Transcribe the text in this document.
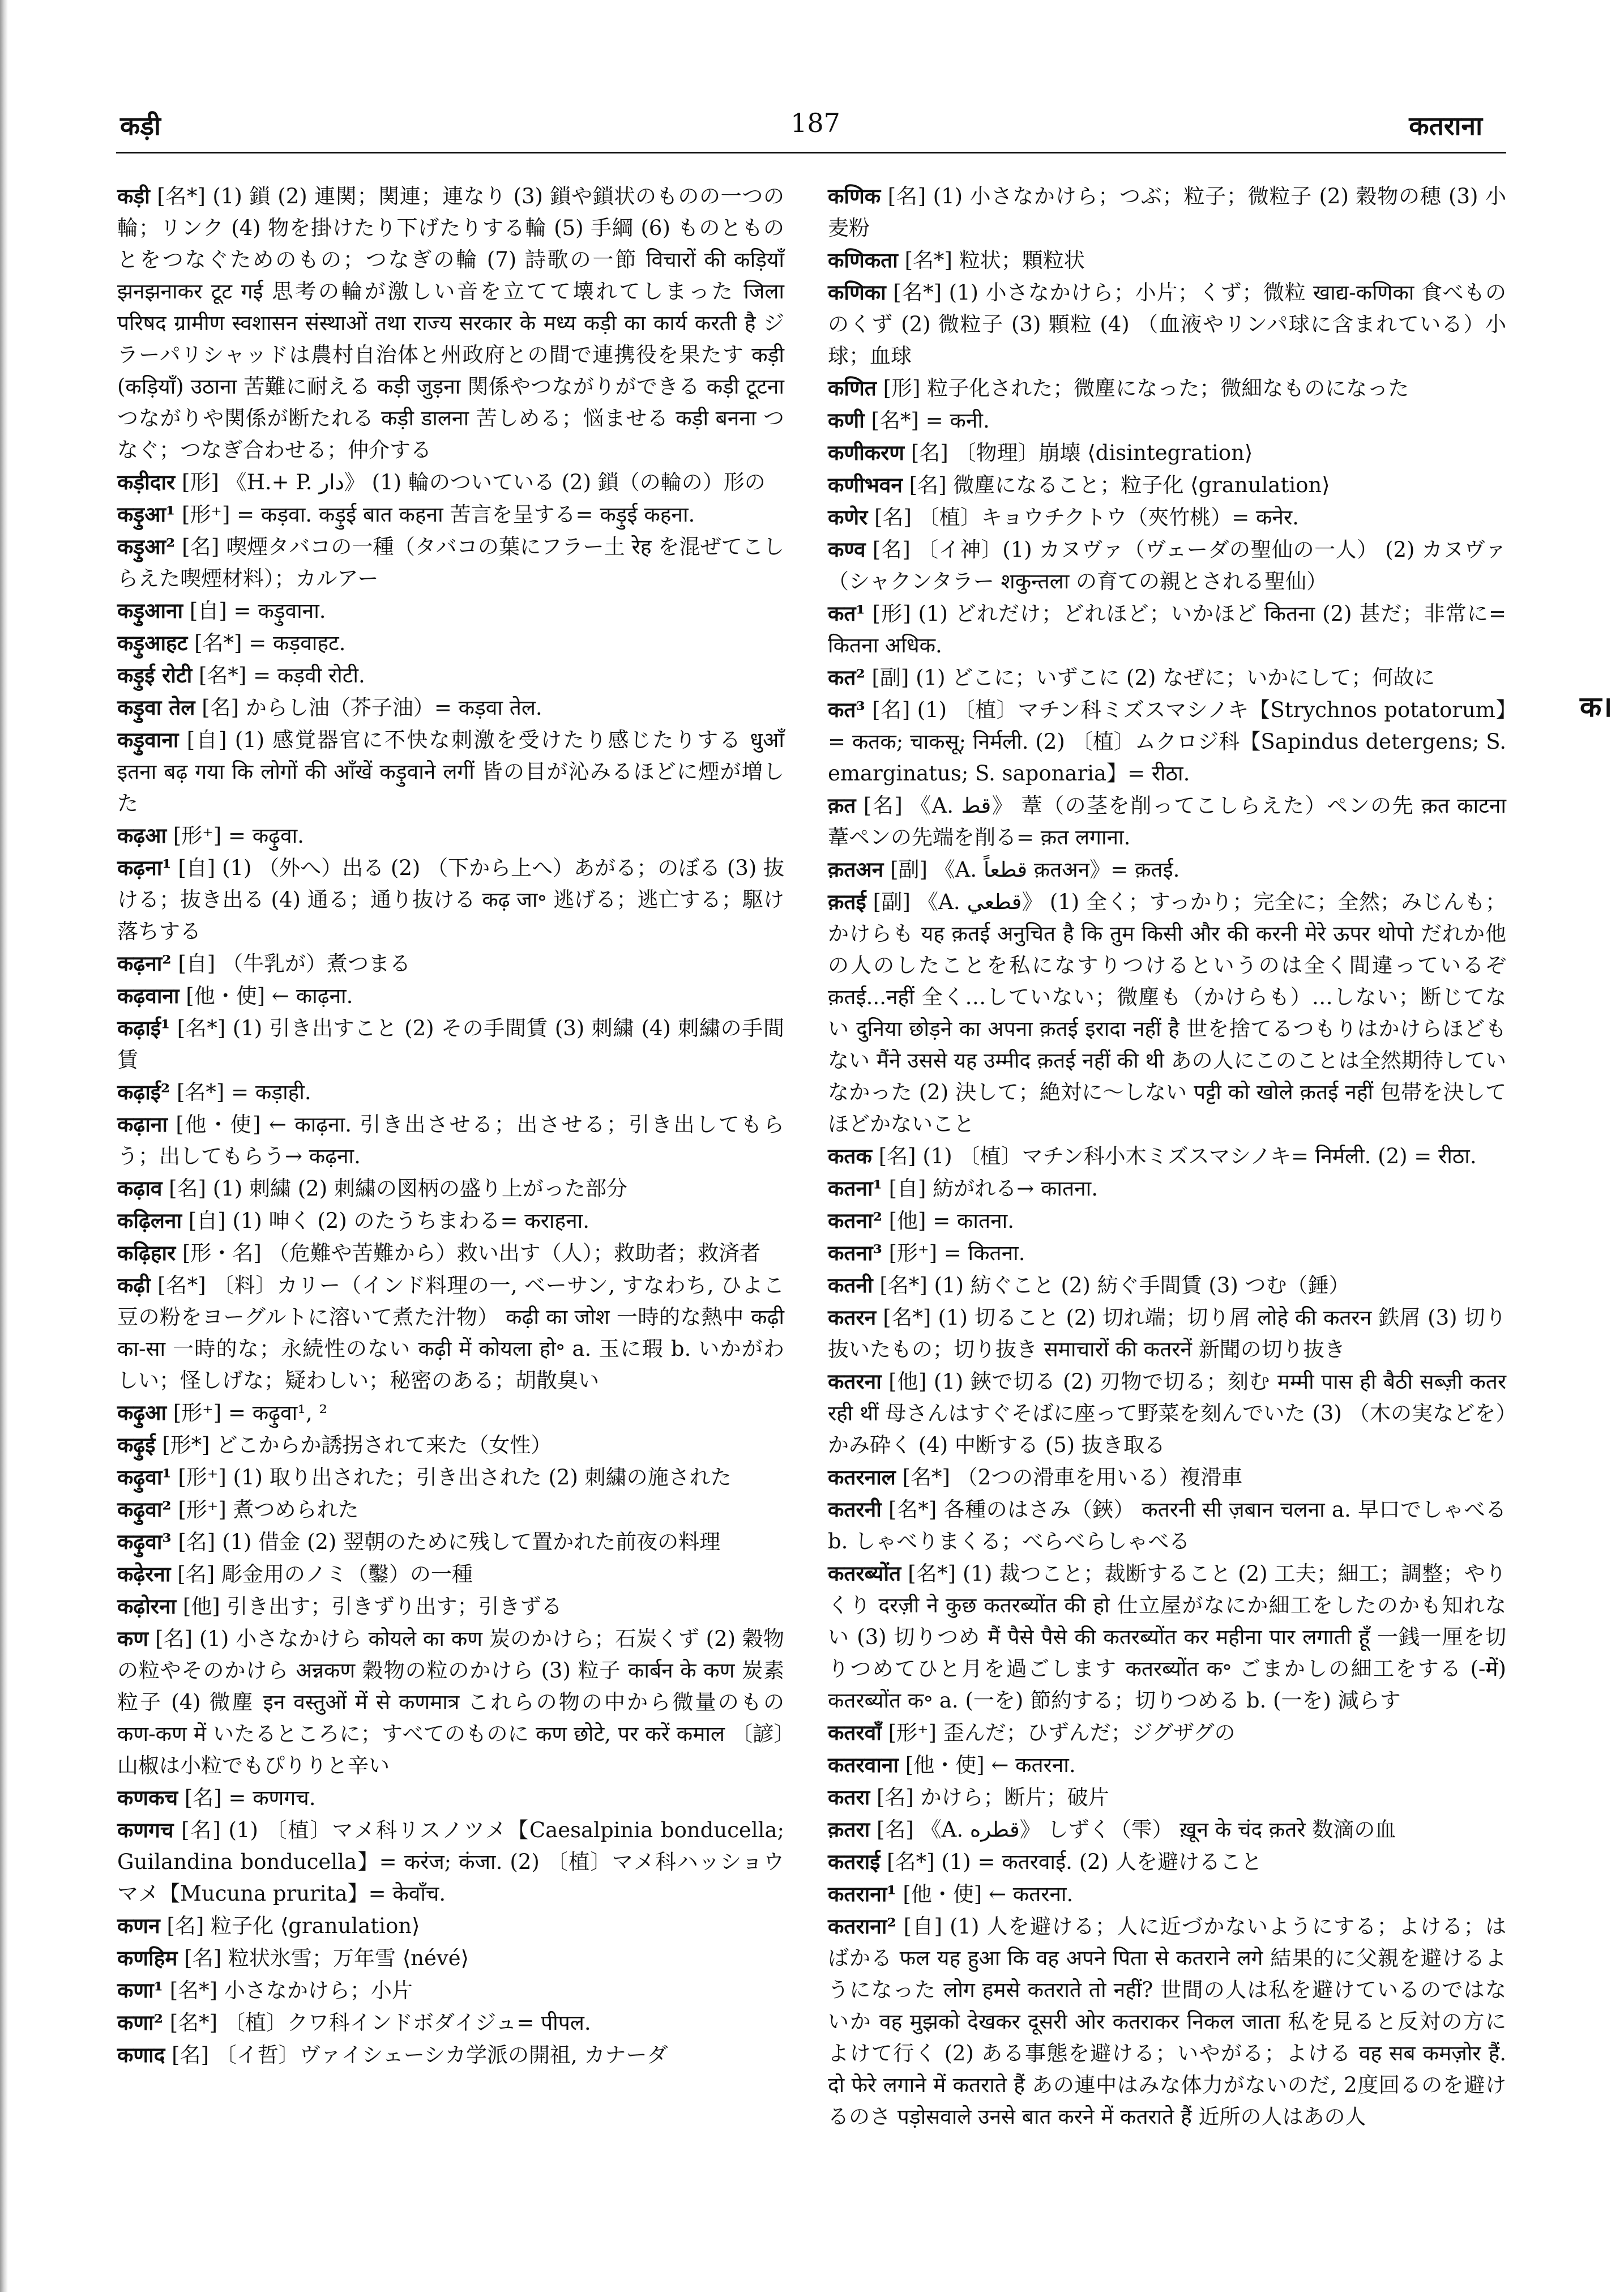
कड़ी	187	कतराना
कड़ी [名*] (1) 鎖 (2) 連関；関連；連なり (3) 鎖や鎖状のものの一つの輪；リンク (4) 物を掛けたり下げたりする輪 (5) 手綱 (6) ものとものとをつなぐためのもの；つなぎの輪 (7) 詩歌の一節 विचारों की कड़ियाँ झनझनाकर टूट गई 思考の輪が激しい音を立てて壊れてしまった जिला परिषद ग्रामीण स्वशासन संस्थाओं तथा राज्य सरकार के मध्य कड़ी का कार्य करती है ジラーパリシャッドは農村自治体と州政府との間で連携役を果たす कड़ी (कड़ियाँ) उठाना 苦難に耐える कड़ी जुड़ना 関係やつながりができる कड़ी टूटना つながりや関係が断たれる कड़ी डालना 苦しめる；悩ませる कड़ी बनना つなぐ；つなぎ合わせる；仲介する
कड़ीदार [形] 《H.+ P. دار》 (1) 輪のついている (2) 鎖（の輪の）形の
कड़ुआ¹ [形⁺] = कड़वा. कड़ुई बात कहना 苦言を呈する= कड़ुई कहना.
कड़ुआ² [名] 喫煙タバコの一種（タバコの葉にフラー土 रेह を混ぜてこしらえた喫煙材料）；カルアー
कड़ुआना [自] = कड़ुवाना.
कड़ुआहट [名*] = कड़वाहट.
कड़ुई रोटी [名*] = कड़वी रोटी.
कड़ुवा तेल [名] からし油（芥子油）= कड़वा तेल.
कड़ुवाना [自] (1) 感覚器官に不快な刺激を受けたり感じたりする धुआँ इतना बढ़ गया कि लोगों की आँखें कड़ुवाने लगीं 皆の目が沁みるほどに煙が増した
कढ़आ [形⁺] = कढ़ुवा.
कढ़ना¹ [自] (1) （外へ）出る (2) （下から上へ）あがる；のぼる (3) 抜ける；抜き出る (4) 通る；通り抜ける कढ़ जा॰ 逃げる；逃亡する；駆け落ちする
कढ़ना² [自] （牛乳が）煮つまる
कढ़वाना [他・使] ← काढ़ना.
कढ़ाई¹ [名*] (1) 引き出すこと (2) その手間賃 (3) 刺繍 (4) 刺繍の手間賃
कढ़ाई² [名*] = कड़ाही.
कढ़ाना [他・使] ← काढ़ना. 引き出させる；出させる；引き出してもらう；出してもらう→ कढ़ना.
कढ़ाव [名] (1) 刺繍 (2) 刺繍の図柄の盛り上がった部分
कढ़िलना [自] (1) 呻く (2) のたうちまわる= कराहना.
कढ़िहार [形・名] （危難や苦難から）救い出す（人）；救助者；救済者
कढ़ी [名*] 〔料〕カリー（インド料理の一, ベーサン, すなわち, ひよこ豆の粉をヨーグルトに溶いて煮た汁物） कढ़ी का जोश 一時的な熱中 कढ़ी का-सा 一時的な；永続性のない कढ़ी में कोयला हो॰ a. 玉に瑕 b. いかがわしい；怪しげな；疑わしい；秘密のある；胡散臭い
कढ़ुआ [形⁺] = कढ़ुवा¹, ²
कढ़ुई [形*] どこからか誘拐されて来た（女性）
कढ़ुवा¹ [形⁺] (1) 取り出された；引き出された (2) 刺繍の施された
कढ़ुवा² [形⁺] 煮つめられた
कढ़ुवा³ [名] (1) 借金 (2) 翌朝のために残して置かれた前夜の料理
कढ़ेरना [名] 彫金用のノミ（鑿）の一種
कढ़ोरना [他] 引き出す；引きずり出す；引きずる
कण [名] (1) 小さなかけら कोयले का कण 炭のかけら；石炭くず (2) 穀物の粒やそのかけら अन्नकण 穀物の粒のかけら (3) 粒子 कार्बन के कण 炭素粒子 (4) 微塵 इन वस्तुओं में से कणमात्र これらの物の中から微量のもの कण-कण में いたるところに；すべてのものに कण छोटे, पर करें कमाल 〔諺〕山椒は小粒でもぴりりと辛い
कणकच [名] = कणगच.
कणगच [名] (1) 〔植〕マメ科リスノツメ【Caesalpinia bonducella; Guilandina bonducella】= करंज; कंजा. (2) 〔植〕マメ科ハッショウマメ【Mucuna prurita】= केवाँच.
कणन [名] 粒子化 ⟨granulation⟩
कणहिम [名] 粒状氷雪；万年雪 ⟨névé⟩
कणा¹ [名*] 小さなかけら；小片
कणा² [名*] 〔植〕クワ科インドボダイジュ= पीपल.
कणाद [名] 〔イ哲〕ヴァイシェーシカ学派の開祖, カナーダ
कणिक [名] (1) 小さなかけら；つぶ；粒子；微粒子 (2) 穀物の穂 (3) 小麦粉
कणिकता [名*] 粒状；顆粒状
कणिका [名*] (1) 小さなかけら；小片；くず；微粒 खाद्य-कणिका 食べもののくず (2) 微粒子 (3) 顆粒 (4) （血液やリンパ球に含まれている）小球；血球
कणित [形] 粒子化された；微塵になった；微細なものになった
कणी [名*] = कनी.
कणीकरण [名] 〔物理〕崩壊 ⟨disintegration⟩
कणीभवन [名] 微塵になること；粒子化 ⟨granulation⟩
कणेर [名] 〔植〕キョウチクトウ（夾竹桃）= कनेर.
कण्व [名] 〔イ神〕(1) カヌヴァ（ヴェーダの聖仙の一人） (2) カヌヴァ（シャクンタラー शकुन्तला の育ての親とされる聖仙）
कत¹ [形] (1) どれだけ；どれほど；いかほど कितना (2) 甚だ；非常に= कितना अधिक.
कत² [副] (1) どこに；いずこに (2) なぜに；いかにして；何故に
कत³ [名] (1) 〔植〕マチン科ミズスマシノキ【Strychnos potatorum】= कतक; चाकसू; निर्मली. (2) 〔植〕ムクロジ科【Sapindus detergens; S. emarginatus; S. saponaria】= रीठा.
क़त [名] 《A. قط》 葦（の茎を削ってこしらえた）ペンの先 क़त काटना 葦ペンの先端を削る= क़त लगाना.
क़तअन [副] 《A. قطعاً क़तअन》= क़तई.
क़तई [副] 《A. قطعي》 (1) 全く；すっかり；完全に；全然；みじんも；かけらも यह क़तई अनुचित है कि तुम किसी और की करनी मेरे ऊपर थोपो だれか他の人のしたことを私になすりつけるというのは全く間違っているぞ क़तई...नहीं 全く…していない；微塵も（かけらも）…しない；断じてない दुनिया छोड़ने का अपना क़तई इरादा नहीं है 世を捨てるつもりはかけらほどもない मैंने उससे यह उम्मीद क़तई नहीं की थी あの人にこのことは全然期待していなかった (2) 決して；絶対に〜しない पट्टी को खोले क़तई नहीं 包帯を決してほどかないこと
कतक [名] (1) 〔植〕マチン科小木ミズスマシノキ= निर्मली. (2) = रीठा.
कतना¹ [自] 紡がれる→ कातना.
कतना² [他] = कातना.
कतना³ [形⁺] = कितना.
कतनी [名*] (1) 紡ぐこと (2) 紡ぐ手間賃 (3) つむ（錘）
कतरन [名*] (1) 切ること (2) 切れ端；切り屑 लोहे की कतरन 鉄屑 (3) 切り抜いたもの；切り抜き समाचारों की कतरनें 新聞の切り抜き
कतरना [他] (1) 鋏で切る (2) 刃物で切る；刻む मम्मी पास ही बैठी सब्ज़ी कतर रही थीं 母さんはすぐそばに座って野菜を刻んでいた (3) （木の実などを）かみ砕く (4) 中断する (5) 抜き取る
कतरनाल [名*] （2つの滑車を用いる）複滑車
कतरनी [名*] 各種のはさみ（鋏） कतरनी सी ज़बान चलना a. 早口でしゃべる b. しゃべりまくる；べらべらしゃべる
कतरब्योंत [名*] (1) 裁つこと；裁断すること (2) 工夫；細工；調整；やりくり दरज़ी ने कुछ कतरब्योंत की हो 仕立屋がなにか細工をしたのかも知れない (3) 切りつめ मैं पैसे पैसे की कतरब्योंत कर महीना पार लगाती हूँ 一銭一厘を切りつめてひと月を過ごします कतरब्योंत क॰ ごまかしの細工をする (-में) कतरब्योंत क॰ a. (一を) 節約する；切りつめる b. (一を) 減らす
कतरवाँ [形⁺] 歪んだ；ひずんだ；ジグザグの
कतरवाना [他・使] ← कतरना.
कतरा [名] かけら；断片；破片
क़तरा [名] 《A. قطره》 しずく（雫） ख़ून के चंद क़तरे 数滴の血
कतराई [名*] (1) = कतरवाई. (2) 人を避けること
कतराना¹ [他・使] ← कतरना.
कतराना² [自] (1) 人を避ける；人に近づかないようにする；よける；はばかる फल यह हुआ कि वह अपने पिता से कतराने लगे 結果的に父親を避けるようになった लोग हमसे कतराते तो नहीं? 世間の人は私を避けているのではないか वह मुझको देखकर दूसरी ओर कतराकर निकल जाता 私を見ると反対の方によけて行く (2) ある事態を避ける；いやがる；よける वह सब कमज़ोर हैं. दो फेरे लगाने में कतराते हैं あの連中はみな体力がないのだ, 2度回るのを避けるのさ पड़ोसवाले उनसे बात करने में कतराते हैं 近所の人はあの人
क।
